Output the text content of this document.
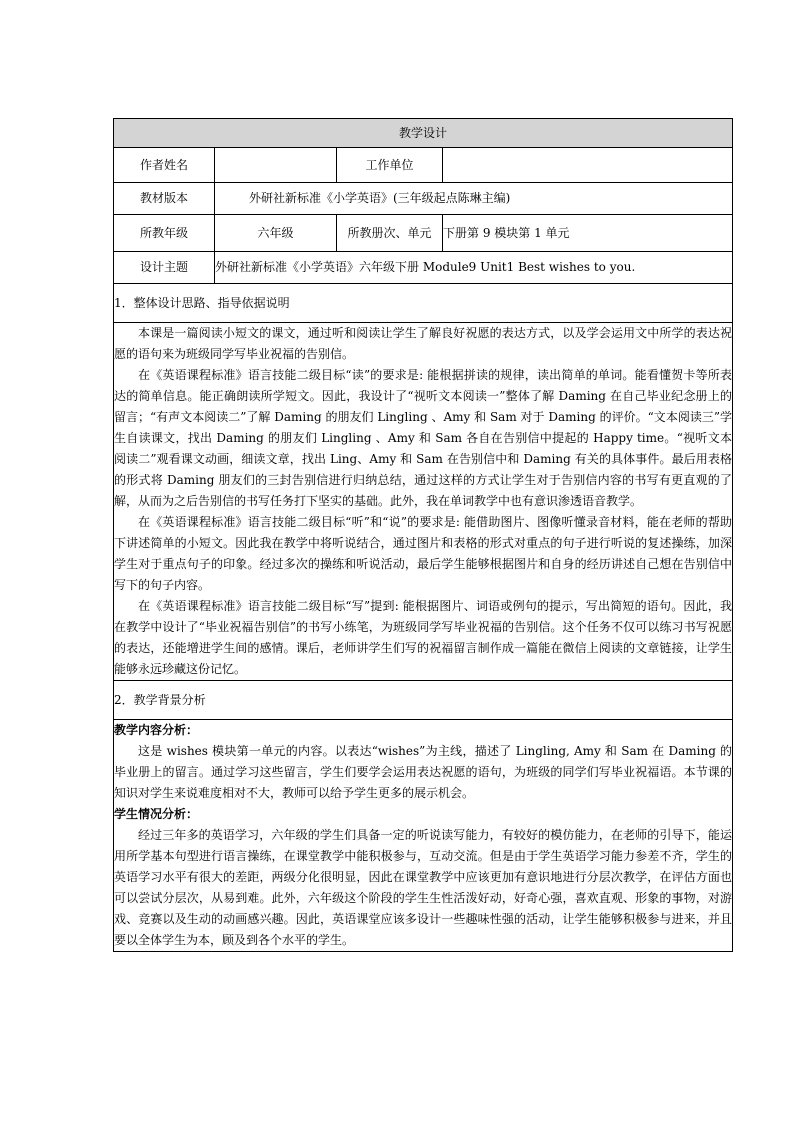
教学设计			
作者姓名		工作单位	
教材版本	外研社新标准《小学英语》(三年级起点陈琳主编)		
所教年级	六年级	所教册次、单元	下册第 9 模块第 1 单元
设计主题	外研社新标准《小学英语》六年级下册 Module9 Unit1 Best wishes to you.		
1．整体设计思路、指导依据说明			

本课是一篇阅读小短文的课文，通过听和阅读让学生了解良好祝愿的表达方式，以及学会运用文中所学的表达祝愿的语句来为班级同学写毕业祝福的告别信。

在《英语课程标准》语言技能二级目标“读”的要求是: 能根据拼读的规律，读出简单的单词。能看懂贺卡等所表达的简单信息。能正确朗读所学短文。因此，我设计了“视听文本阅读一”整体了解 Daming 在自己毕业纪念册上的留言；“有声文本阅读二”了解 Daming 的朋友们 Lingling 、Amy 和 Sam 对于 Daming 的评价。“文本阅读三”学生自读课文，找出 Daming 的朋友们 Lingling 、Amy 和 Sam 各自在告别信中提起的 Happy time。“视听文本阅读二”观看课文动画，细读文章，找出 Ling、Amy 和 Sam 在告别信中和 Daming 有关的具体事件。最后用表格的形式将 Daming 朋友们的三封告别信进行归纳总结，通过这样的方式让学生对于告别信内容的书写有更直观的了解，从而为之后告别信的书写任务打下坚实的基础。此外，我在单词教学中也有意识渗透语音教学。

在《英语课程标准》语言技能二级目标“听”和“说”的要求是: 能借助图片、图像听懂录音材料，能在老师的帮助下讲述简单的小短文。因此我在教学中将听说结合，通过图片和表格的形式对重点的句子进行听说的复述操练，加深学生对于重点句子的印象。经过多次的操练和听说活动，最后学生能够根据图片和自身的经历讲述自己想在告别信中写下的句子内容。

在《英语课程标准》语言技能二级目标“写”提到: 能根据图片、词语或例句的提示，写出简短的语句。因此，我在教学中设计了“毕业祝福告别信”的书写小练笔，为班级同学写毕业祝福的告别信。这个任务不仅可以练习书写祝愿的表达，还能增进学生间的感情。课后，老师讲学生们写的祝福留言制作成一篇能在微信上阅读的文章链接，让学生能够永远珍藏这份记忆。			

2．教学背景分析			

教学内容分析：

这是 wishes 模块第一单元的内容。以表达“wishes”为主线，描述了 Lingling, Amy 和 Sam 在 Daming 的毕业册上的留言。通过学习这些留言，学生们要学会运用表达祝愿的语句，为班级的同学们写毕业祝福语。本节课的知识对学生来说难度相对不大，教师可以给予学生更多的展示机会。

学生情况分析：

经过三年多的英语学习，六年级的学生们具备一定的听说读写能力，有较好的模仿能力，在老师的引导下，能运用所学基本句型进行语言操练，在课堂教学中能积极参与，互动交流。但是由于学生英语学习能力参差不齐，学生的英语学习水平有很大的差距，两级分化很明显，因此在课堂教学中应该更加有意识地进行分层次教学，在评估方面也可以尝试分层次，从易到难。此外，六年级这个阶段的学生生性活泼好动，好奇心强，喜欢直观、形象的事物，对游戏、竞赛以及生动的动画感兴趣。因此，英语课堂应该多设计一些趣味性强的活动，让学生能够积极参与进来，并且要以全体学生为本，顾及到各个水平的学生。			
